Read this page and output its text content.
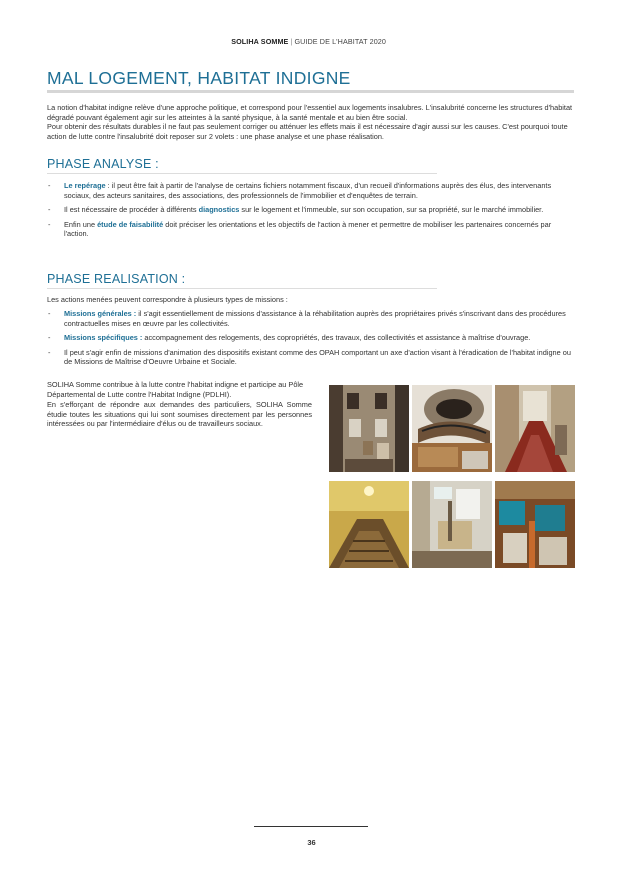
SOLIHA SOMME | GUIDE DE L'HABITAT 2020
MAL LOGEMENT, HABITAT INDIGNE

La notion d'habitat indigne relève d'une approche politique, et correspond pour l'essentiel aux logements insalubres. L'insalubrité concerne les structures d'habitat dégradé pouvant également agir sur les atteintes à la santé physique, à la santé mentale et au bien être social.

Pour obtenir des résultats durables il ne faut pas seulement corriger ou atténuer les effets mais il est nécessaire d'agir aussi sur les causes. C'est pourquoi toute action de lutte contre l'insalubrité doit reposer sur 2 volets : une phase analyse et une phase réalisation.

PHASE ANALYSE :
- Le repérage : il peut être fait à partir de l'analyse de certains fichiers notamment fiscaux, d'un recueil d'informations auprès des élus, des intervenants sociaux, des acteurs sanitaires, des associations, des professionnels de l'immobilier et d'enquêtes de terrain.
- Il est nécessaire de procéder à différents diagnostics sur le logement et l'immeuble, sur son occupation, sur sa propriété, sur le marché immobilier.
- Enfin une étude de faisabilité doit préciser les orientations et les objectifs de l'action à mener et permettre de mobiliser les partenaires concernés par l'action.
PHASE REALISATION :

Les actions menées peuvent correspondre à plusieurs types de missions :

- Missions générales : il s'agit essentiellement de missions d'assistance à la réhabilitation auprès des propriétaires privés s'inscrivant dans des procédures contractuelles mises en œuvre par les collectivités.
- Missions spécifiques : accompagnement des relogements, des copropriétés, des travaux, des collectivités et assistance à maîtrise d'ouvrage.
- Il peut s'agir enfin de missions d'animation des dispositifs existant comme des OPAH comportant un axe d'action visant à l'éradication de l'habitat indigne ou de Missions de Maîtrise d'Oeuvre Urbaine et Sociale.

SOLIHA Somme contribue à la lutte contre l'habitat indigne et participe au Pôle Départemental de Lutte contre l'Habitat Indigne (PDLHI).

En s'efforçant de répondre aux demandes des particuliers, SOLIHA Somme étudie toutes les situations qui lui sont soumises directement par les personnes intéressées ou par l'intermédiaire d'élus ou de travailleurs sociaux.

36
